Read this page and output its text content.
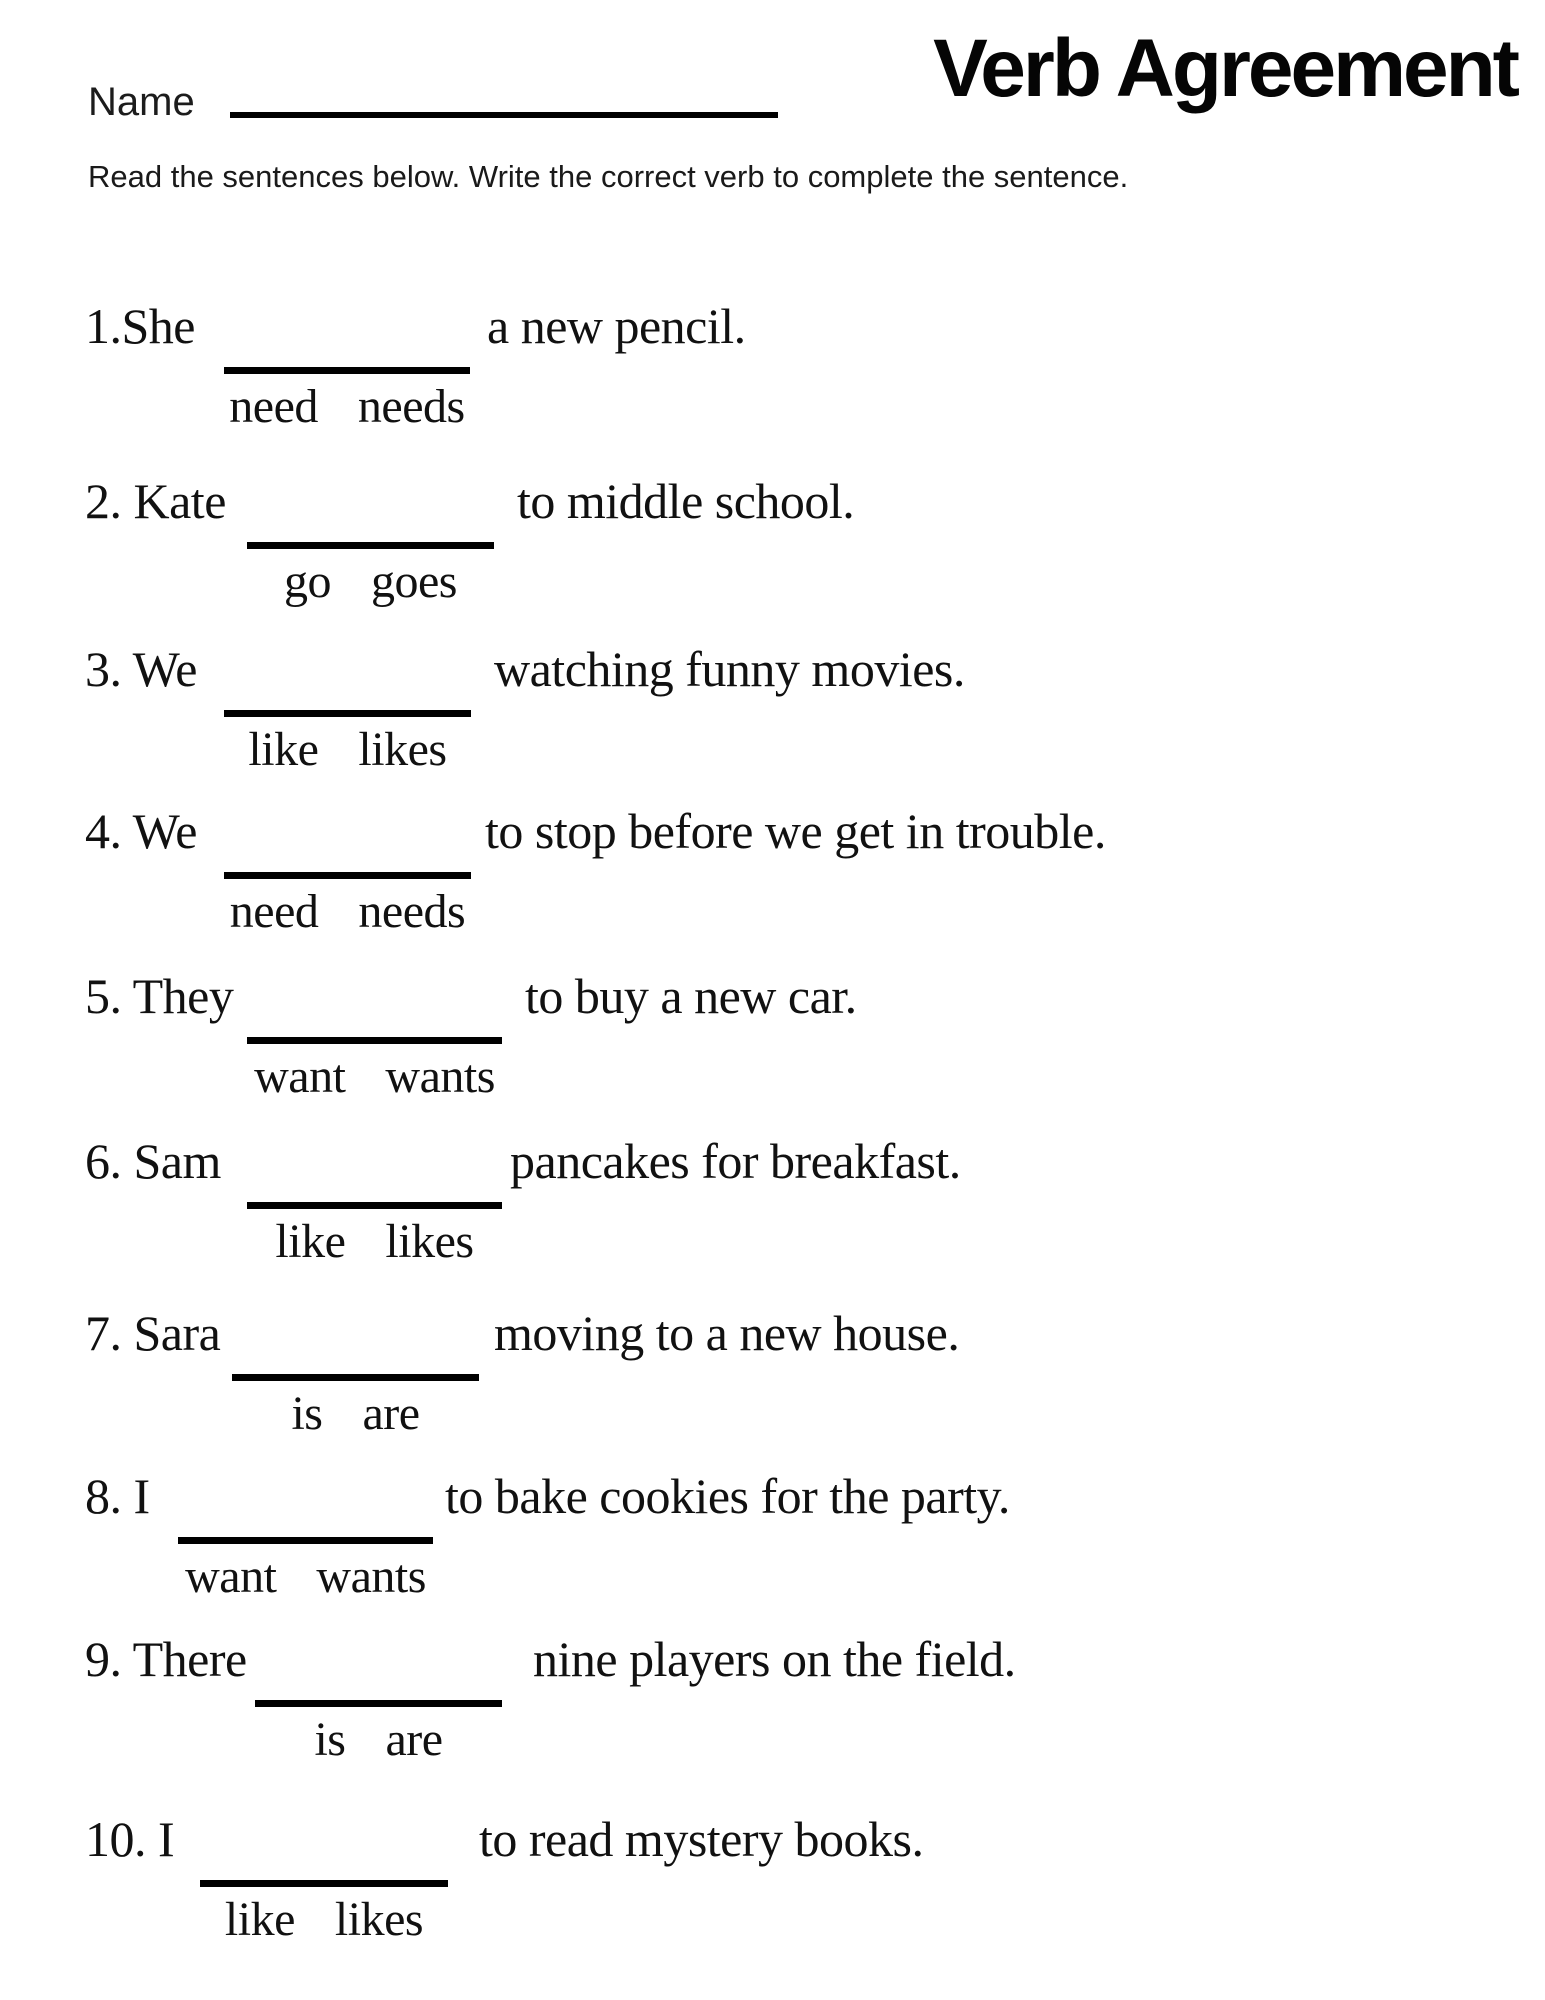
Name	Verb Agreement
Read the sentences below. Write the correct verb to complete the sentence.
1.She	a new pencil.
need needs
2. Kate	to middle school.
go goes
3. We	watching funny movies.
like likes
4. We	to stop before we get in trouble.
need needs
5. They	to buy a new car.
want wants
6. Sam	pancakes for breakfast.
like likes
7. Sara	moving to a new house.
is are
8. I	to bake cookies for the party.
want wants
9. There	nine players on the field.
is are
10. I	to read mystery books.
like likes
